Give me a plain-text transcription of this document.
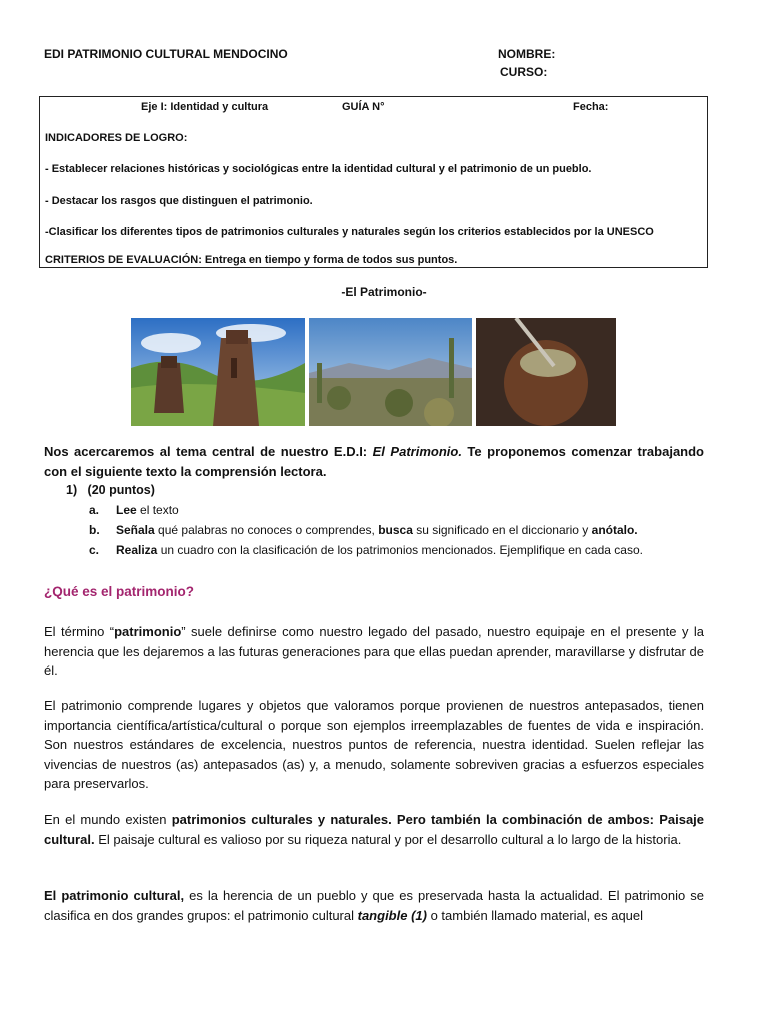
EDI PATRIMONIO CULTURAL MENDOCINO	NOMBRE:
CURSO:
Eje I: Identidad y cultura	GUÍA N°	Fecha:
INDICADORES DE LOGRO:
- Establecer relaciones históricas y sociológicas entre la identidad cultural y el patrimonio de un pueblo.
- Destacar los rasgos que distinguen el patrimonio.
-Clasificar los diferentes tipos de patrimonios culturales y naturales según los criterios establecidos por la UNESCO
CRITERIOS DE EVALUACIÓN: Entrega en tiempo y forma de todos sus puntos.
-El Patrimonio-
Nos acercaremos al tema central de nuestro E.D.I: El Patrimonio. Te proponemos comenzar trabajando con el siguiente texto la comprensión lectora.
1) (20 puntos)
a. Lee el texto
b. Señala qué palabras no conoces o comprendes, busca su significado en el diccionario y anótalo.
c. Realiza un cuadro con la clasificación de los patrimonios mencionados. Ejemplifique en cada caso.
¿Qué es el patrimonio?
El término “patrimonio” suele definirse como nuestro legado del pasado, nuestro equipaje en el presente y la herencia que les dejaremos a las futuras generaciones para que ellas puedan aprender, maravillarse y disfrutar de él.
El patrimonio comprende lugares y objetos que valoramos porque provienen de nuestros antepasados, tienen importancia científica/artística/cultural o porque son ejemplos irreemplazables de fuentes de vida e inspiración. Son nuestros estándares de excelencia, nuestros puntos de referencia, nuestra identidad. Suelen reflejar las vivencias de nuestros (as) antepasados (as) y, a menudo, solamente sobreviven gracias a esfuerzos especiales para preservarlos.
En el mundo existen patrimonios culturales y naturales. Pero también la combinación de ambos: Paisaje cultural. El paisaje cultural es valioso por su riqueza natural y por el desarrollo cultural a lo largo de la historia.
El patrimonio cultural, es la herencia de un pueblo y que es preservada hasta la actualidad. El patrimonio se clasifica en dos grandes grupos: el patrimonio cultural tangible (1) o también llamado material, es aquel
